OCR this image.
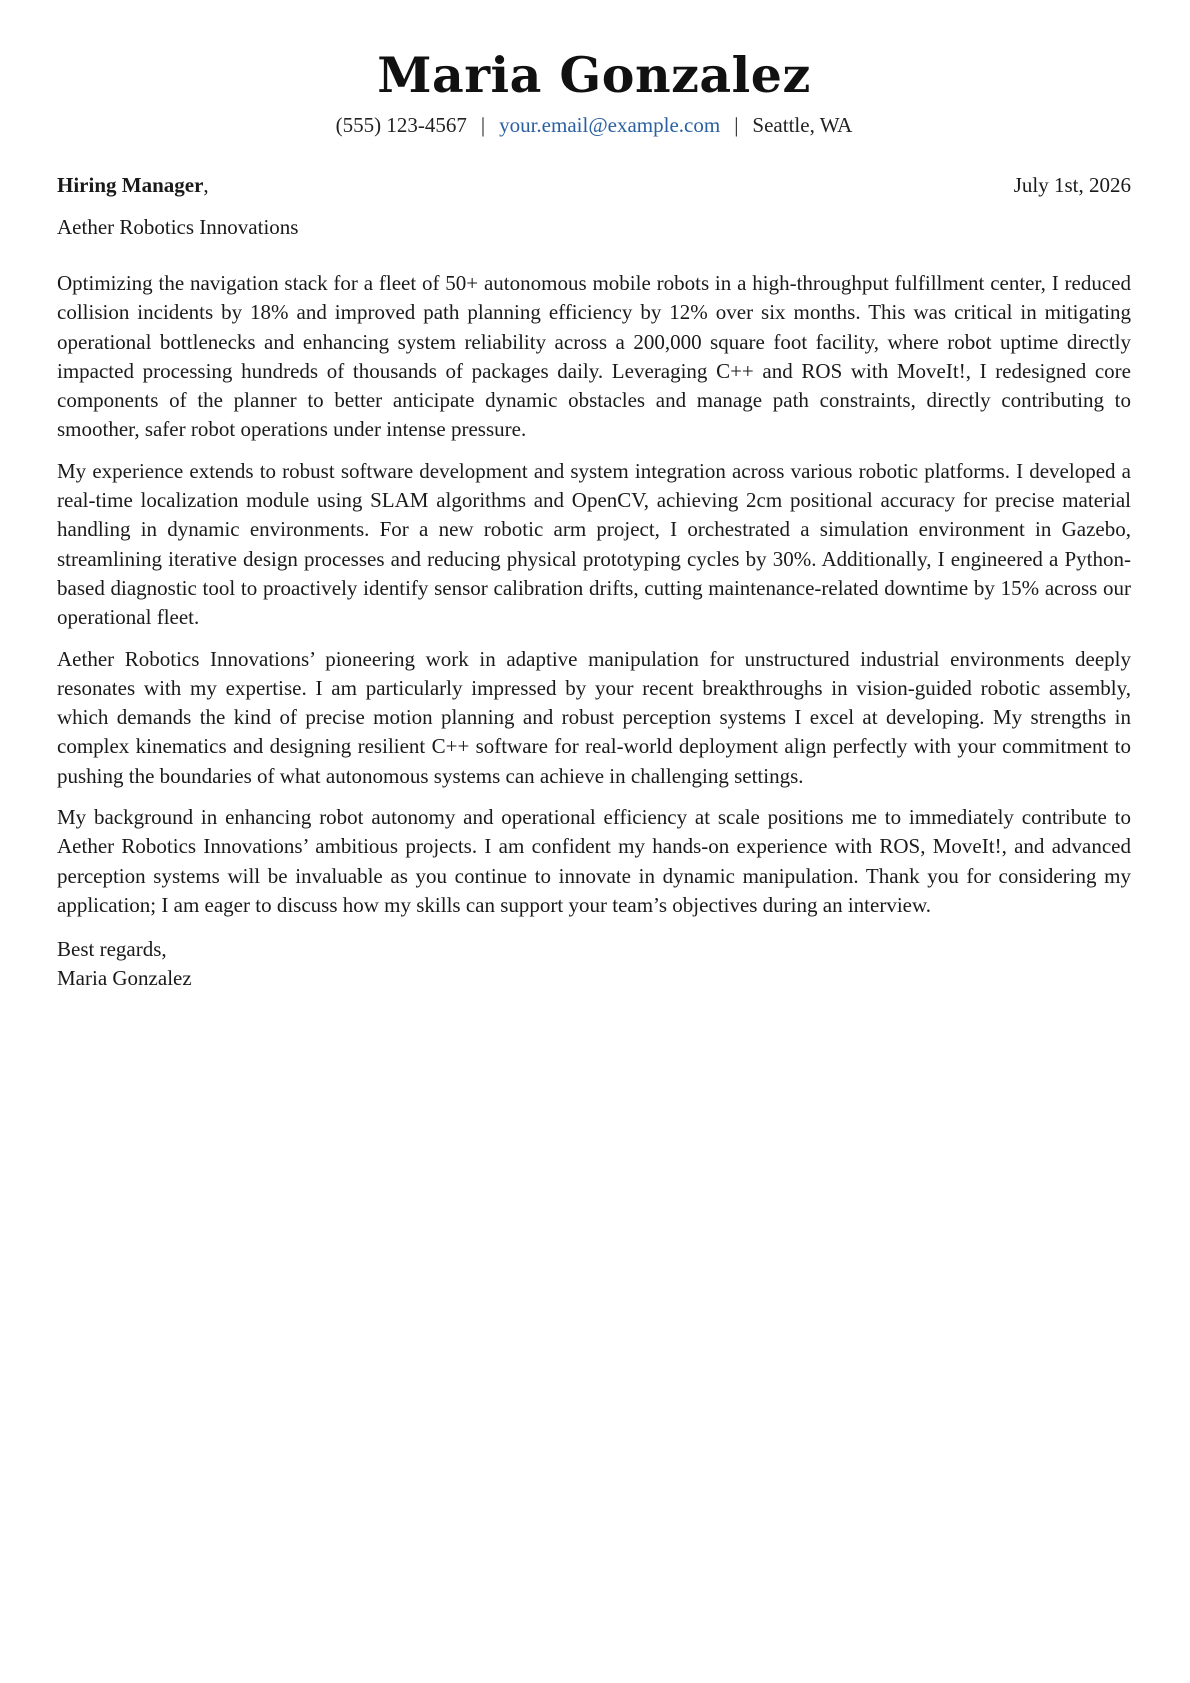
Maria Gonzalez
(555) 123-4567 | your.email@example.com | Seattle, WA
Hiring Manager,	July 1st, 2026
Aether Robotics Innovations

Optimizing the navigation stack for a fleet of 50+ autonomous mobile robots in a high-throughput fulfillment center, I reduced collision incidents by 18% and improved path planning efficiency by 12% over six months. This was critical in mitigating operational bottlenecks and enhancing system reliability across a 200,000 square foot facility, where robot uptime directly impacted processing hundreds of thousands of packages daily. Leveraging C++ and ROS with MoveIt!, I redesigned core components of the planner to better anticipate dynamic obstacles and manage path constraints, directly contributing to smoother, safer robot operations under intense pressure.

My experience extends to robust software development and system integration across various robotic platforms. I developed a real-time localization module using SLAM algorithms and OpenCV, achieving 2cm positional accuracy for precise material handling in dynamic environments. For a new robotic arm project, I orchestrated a simulation environment in Gazebo, streamlining iterative design processes and reducing physical prototyping cycles by 30%. Additionally, I engineered a Python-based diagnostic tool to proactively identify sensor calibration drifts, cutting maintenance-related downtime by 15% across our operational fleet.

Aether Robotics Innovations’ pioneering work in adaptive manipulation for unstructured industrial environments deeply resonates with my expertise. I am particularly impressed by your recent breakthroughs in vision-guided robotic assembly, which demands the kind of precise motion planning and robust perception systems I excel at developing. My strengths in complex kinematics and designing resilient C++ software for real-world deployment align perfectly with your commitment to pushing the boundaries of what autonomous systems can achieve in challenging settings.

My background in enhancing robot autonomy and operational efficiency at scale positions me to immediately contribute to Aether Robotics Innovations’ ambitious projects. I am confident my hands-on experience with ROS, MoveIt!, and advanced perception systems will be invaluable as you continue to innovate in dynamic manipulation. Thank you for considering my application; I am eager to discuss how my skills can support your team’s objectives during an interview.

Best regards,
Maria Gonzalez
